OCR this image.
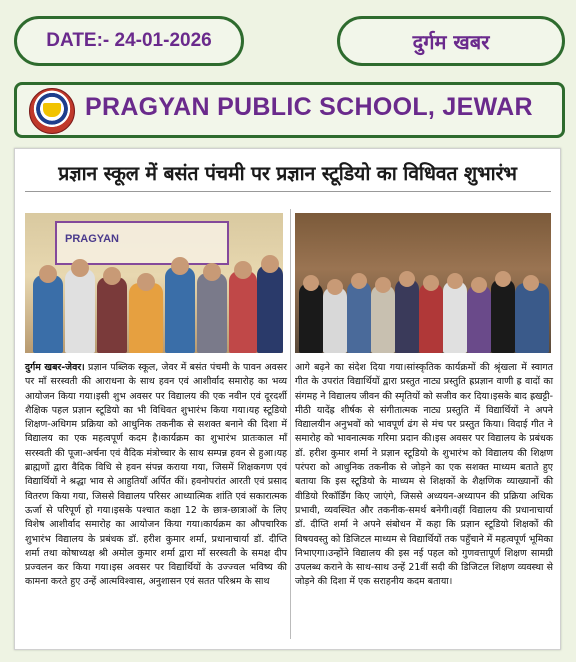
DATE:- 24-01-2026	दुर्गम खबर
PRAGYAN PUBLIC SCHOOL, JEWAR
प्रज्ञान स्कूल में बसंत पंचमी पर प्रज्ञान स्टूडियो का विधिवत शुभारंभ
PRAGYAN
दुर्गम खबर-जेवर। प्रज्ञान पब्लिक स्कूल, जेवर में बसंत पंचमी के पावन अवसर पर माँ सरस्वती की आराधना के साथ हवन एवं आशीर्वाद समारोह का भव्य आयोजन किया गया।इसी शुभ अवसर पर विद्यालय की एक नवीन एवं दूरदर्शी शैक्षिक पहल प्रज्ञान स्टूडियो का भी विधिवत शुभारंभ किया गया।यह स्टूडियो शिक्षण-अधिगम प्रक्रिया को आधुनिक तकनीक से सशक्त बनाने की दिशा में विद्यालय का एक महत्वपूर्ण कदम है।कार्यक्रम का शुभारंभ प्रातःकाल माँ सरस्वती की पूजा-अर्चना एवं वैदिक मंत्रोच्चार के साथ सम्पन्न हवन से हुआ।यह ब्राह्मणों द्वारा वैदिक विधि से हवन संपन्न कराया गया, जिसमें शिक्षकगण एवं विद्यार्थियों ने श्रद्धा भाव से आहुतियाँ अर्पित कीं। हवनोपरांत आरती एवं प्रसाद वितरण किया गया, जिससे विद्यालय परिसर आध्यात्मिक शांति एवं सकारात्मक ऊर्जा से परिपूर्ण हो गया।इसके पश्चात कक्षा 12 के छात्र-छात्राओं के लिए विशेष आशीर्वाद समारोह का आयोजन किया गया।कार्यक्रम का औपचारिक शुभारंभ विद्यालय के प्रबंधक डॉ. हरीश कुमार शर्मा, प्रधानाचार्या डॉ. दीप्ति शर्मा तथा कोषाध्यक्ष श्री अमोल कुमार शर्मा द्वारा माँ सरस्वती के समक्ष दीप प्रज्वलन कर किया गया।इस अवसर पर विद्यार्थियों के उज्ज्वल भविष्य की कामना करते हुए उन्हें आत्मविश्वास, अनुशासन एवं सतत परिश्रम के साथ
आगे बढ़ने का संदेश दिया गया।सांस्कृतिक कार्यक्रमों की श्रृंखला में स्वागत गीत के उपरांत विद्यार्थियों द्वारा प्रस्तुत नाट्य प्रस्तुति ह्रप्रज्ञान वाणी ह्र वादों का संगमह ने विद्यालय जीवन की स्मृतियों को सजीव कर दिया।इसके बाद ह्रखट्टी-मीठी यादेंह्र शीर्षक से संगीतात्मक नाट्य प्रस्तुति में विद्यार्थियों ने अपने विद्यालयीन अनुभवों को भावपूर्ण ढंग से मंच पर प्रस्तुत किया। विदाई गीत ने समारोह को भावनात्मक गरिमा प्रदान की।इस अवसर पर विद्यालय के प्रबंधक डॉ. हरीश कुमार शर्मा ने प्रज्ञान स्टूडियो के शुभारंभ को विद्यालय की शिक्षण परंपरा को आधुनिक तकनीक से जोड़ने का एक सशक्त माध्यम बताते हुए बताया कि इस स्टूडियो के माध्यम से शिक्षकों के शैक्षणिक व्याख्यानों की वीडियो रिकॉर्डिंग किए जाएंगे, जिससे अध्ययन-अध्यापन की प्रक्रिया अधिक प्रभावी, व्यवस्थित और तकनीक-समर्थ बनेगी।वहीं विद्यालय की प्रधानाचार्या डॉ. दीप्ति शर्मा ने अपने संबोधन में कहा कि प्रज्ञान स्टूडियो शिक्षकों की विषयवस्तु को डिजिटल माध्यम से विद्यार्थियों तक पहुँचाने में महत्वपूर्ण भूमिका निभाएगा।उन्होंने विद्यालय की इस नई पहल को गुणवत्तापूर्ण शिक्षण सामग्री उपलब्ध कराने के साथ-साथ उन्हें 21वीं सदी की डिजिटल शिक्षण व्यवस्था से जोड़ने की दिशा में एक सराहनीय कदम बताया।
